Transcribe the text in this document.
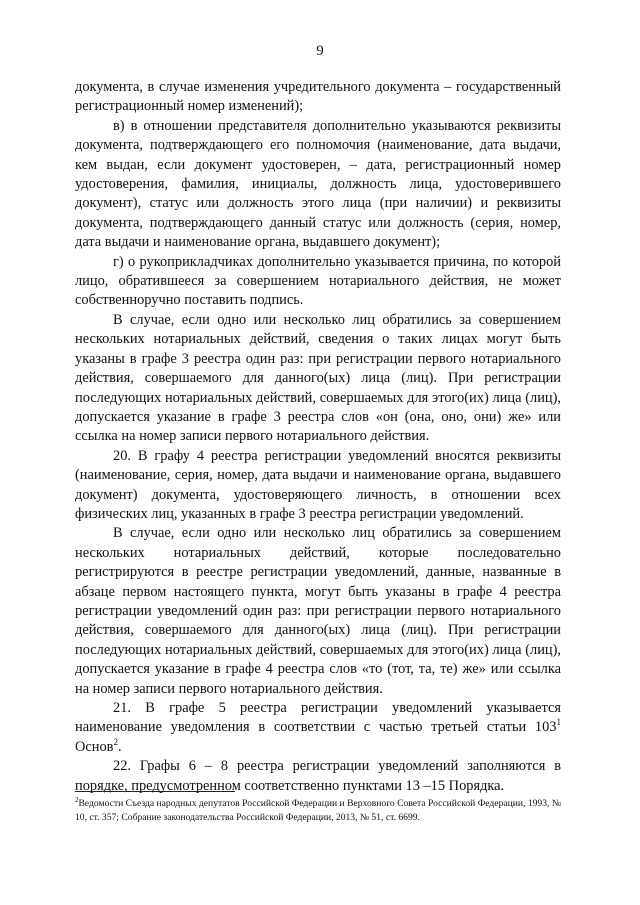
9

документа, в случае изменения учредительного документа – государственный регистрационный номер изменений);

в) в отношении представителя дополнительно указываются реквизиты документа, подтверждающего его полномочия (наименование, дата выдачи, кем выдан, если документ удостоверен, – дата, регистрационный номер удостоверения, фамилия, инициалы, должность лица, удостоверившего документ), статус или должность этого лица (при наличии) и реквизиты документа, подтверждающего данный статус или должность (серия, номер, дата выдачи и наименование органа, выдавшего документ);

г) о рукоприкладчиках дополнительно указывается причина, по которой лицо, обратившееся за совершением нотариального действия, не может собственноручно поставить подпись.

В случае, если одно или несколько лиц обратились за совершением нескольких нотариальных действий, сведения о таких лицах могут быть указаны в графе 3 реестра один раз: при регистрации первого нотариального действия, совершаемого для данного(ых) лица (лиц). При регистрации последующих нотариальных действий, совершаемых для этого(их) лица (лиц), допускается указание в графе 3 реестра слов «он (она, оно, они) же» или ссылка на номер записи первого нотариального действия.

20. В графу 4 реестра регистрации уведомлений вносятся реквизиты (наименование, серия, номер, дата выдачи и наименование органа, выдавшего документ) документа, удостоверяющего личность, в отношении всех физических лиц, указанных в графе 3 реестра регистрации уведомлений.

В случае, если одно или несколько лиц обратились за совершением нескольких нотариальных действий, которые последовательно регистрируются в реестре регистрации уведомлений, данные, названные в абзаце первом настоящего пункта, могут быть указаны в графе 4 реестра регистрации уведомлений один раз: при регистрации первого нотариального действия, совершаемого для данного(ых) лица (лиц). При регистрации последующих нотариальных действий, совершаемых для этого(их) лица (лиц), допускается указание в графе 4 реестра слов «то (тот, та, те) же» или ссылка на номер записи первого нотариального действия.

21. В графе 5 реестра регистрации уведомлений указывается наименование уведомления в соответствии с частью третьей статьи $103^1$ Основ$^2$.

22. Графы 6 – 8 реестра регистрации уведомлений заполняются в порядке, предусмотренном соответственно пунктами 13 –15 Порядка.

$^2$Ведомости Съезда народных депутатов Российской Федерации и Верховного Совета Российской Федерации, 1993, № 10, ст. 357; Собрание законодательства Российской Федерации, 2013, № 51, ст. 6699.
